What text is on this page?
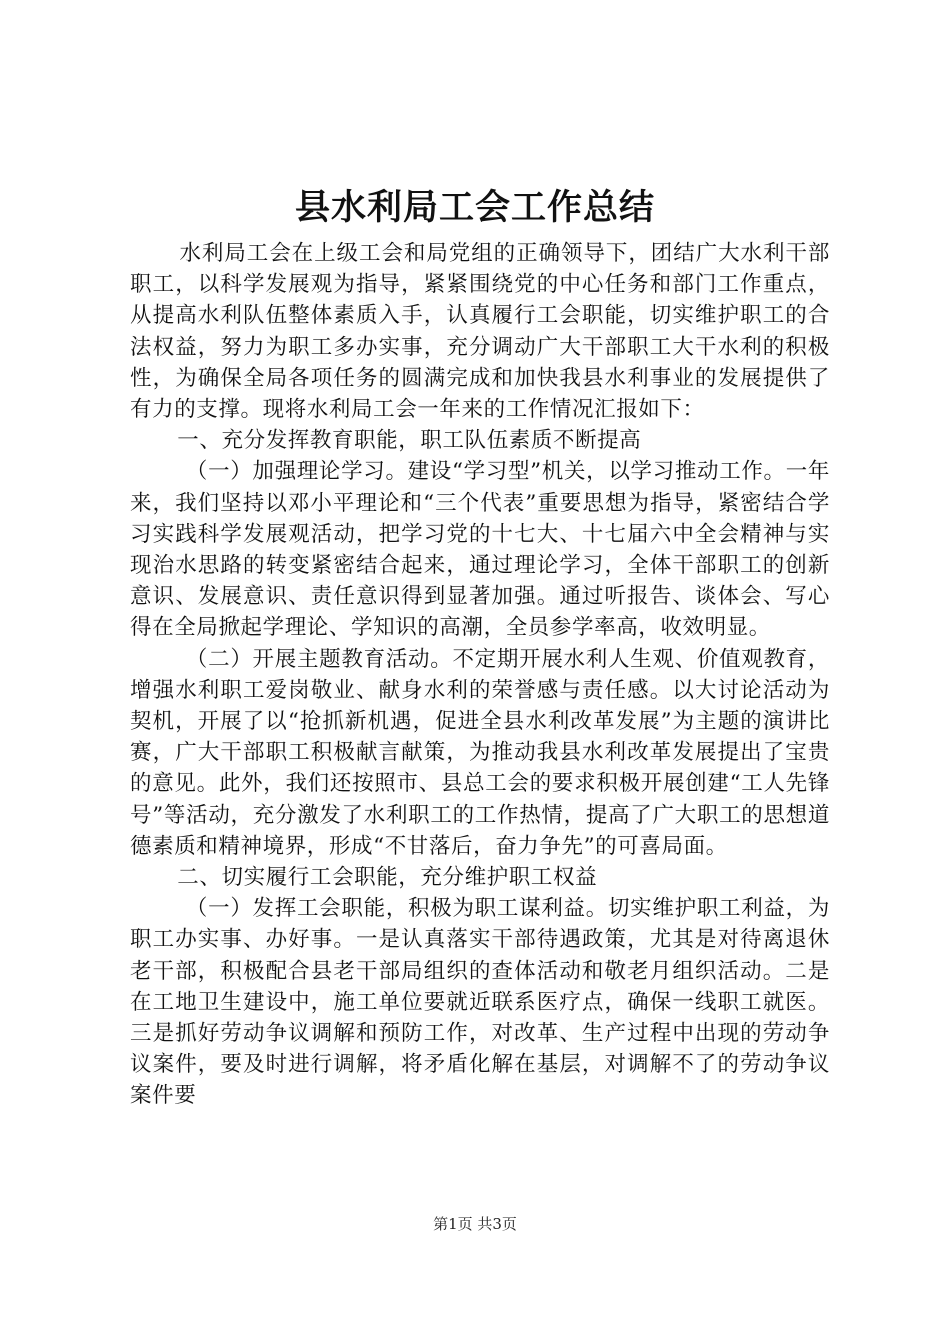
县水利局工会工作总结

水利局工会在上级工会和局党组的正确领导下，团结广大水利干部职工，以科学发展观为指导，紧紧围绕党的中心任务和部门工作重点，从提高水利队伍整体素质入手，认真履行工会职能，切实维护职工的合法权益，努力为职工多办实事，充分调动广大干部职工大干水利的积极性，为确保全局各项任务的圆满完成和加快我县水利事业的发展提供了有力的支撑。现将水利局工会一年来的工作情况汇报如下：

一、充分发挥教育职能，职工队伍素质不断提高

（一）加强理论学习。建设“学习型”机关，以学习推动工作。一年来，我们坚持以邓小平理论和“三个代表”重要思想为指导，紧密结合学习实践科学发展观活动，把学习党的十七大、十七届六中全会精神与实现治水思路的转变紧密结合起来，通过理论学习，全体干部职工的创新意识、发展意识、责任意识得到显著加强。通过听报告、谈体会、写心得在全局掀起学理论、学知识的高潮，全员参学率高，收效明显。

（二）开展主题教育活动。不定期开展水利人生观、价值观教育，增强水利职工爱岗敬业、献身水利的荣誉感与责任感。以大讨论活动为契机，开展了以“抢抓新机遇，促进全县水利改革发展”为主题的演讲比赛，广大干部职工积极献言献策，为推动我县水利改革发展提出了宝贵的意见。此外，我们还按照市、县总工会的要求积极开展创建“工人先锋号”等活动，充分激发了水利职工的工作热情，提高了广大职工的思想道德素质和精神境界，形成“不甘落后，奋力争先”的可喜局面。

二、切实履行工会职能，充分维护职工权益

（一）发挥工会职能，积极为职工谋利益。切实维护职工利益，为职工办实事、办好事。一是认真落实干部待遇政策，尤其是对待离退休老干部，积极配合县老干部局组织的查体活动和敬老月组织活动。二是在工地卫生建设中，施工单位要就近联系医疗点，确保一线职工就医。三是抓好劳动争议调解和预防工作，对改革、生产过程中出现的劳动争议案件，要及时进行调解，将矛盾化解在基层，对调解不了的劳动争议案件要

第1页 共3页
